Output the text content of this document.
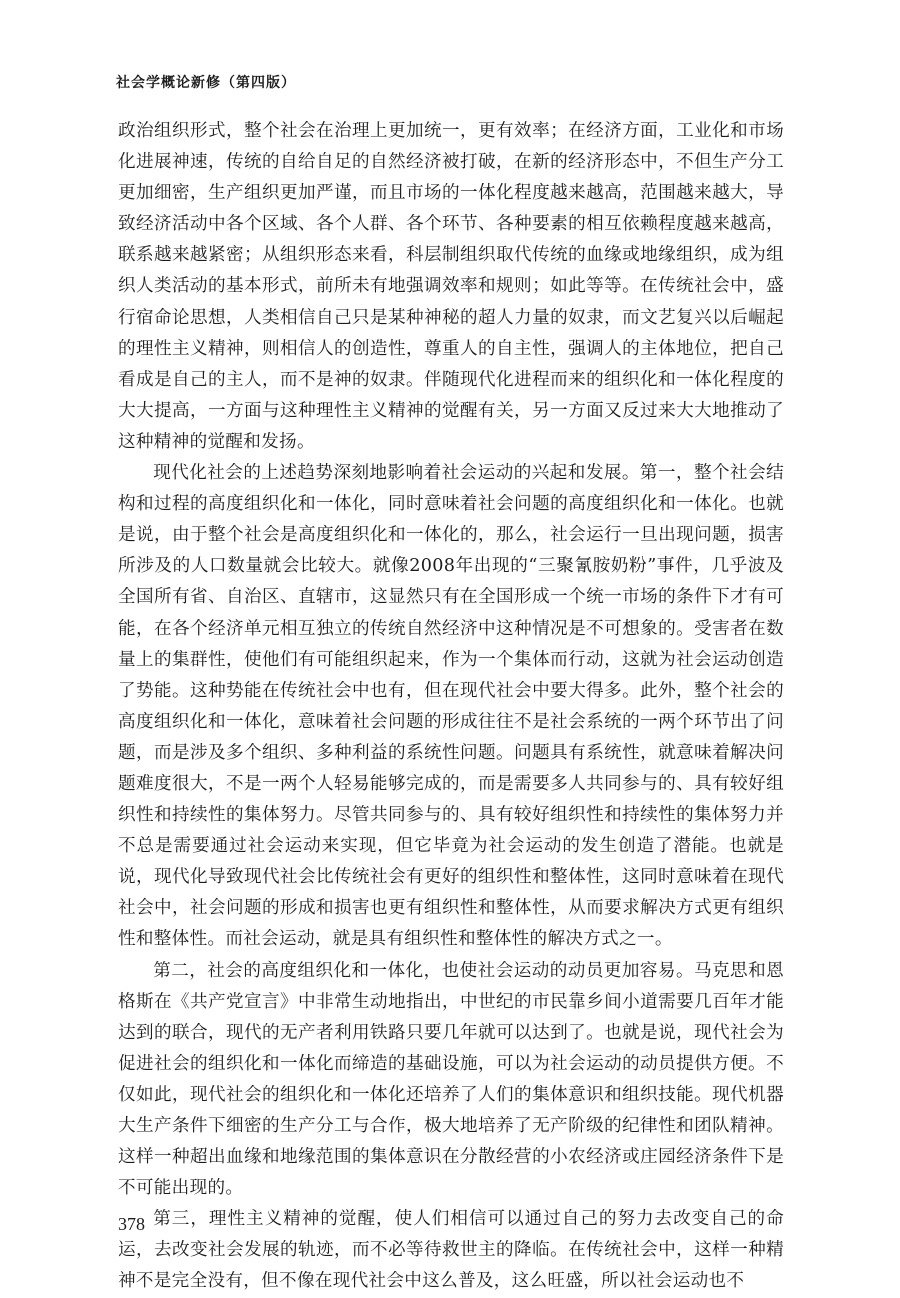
社会学概论新修（第四版）

政治组织形式，整个社会在治理上更加统一，更有效率；在经济方面，工业化和市场化进展神速，传统的自给自足的自然经济被打破，在新的经济形态中，不但生产分工更加细密，生产组织更加严谨，而且市场的一体化程度越来越高，范围越来越大，导致经济活动中各个区域、各个人群、各个环节、各种要素的相互依赖程度越来越高，联系越来越紧密；从组织形态来看，科层制组织取代传统的血缘或地缘组织，成为组织人类活动的基本形式，前所未有地强调效率和规则；如此等等。在传统社会中，盛行宿命论思想，人类相信自己只是某种神秘的超人力量的奴隶，而文艺复兴以后崛起的理性主义精神，则相信人的创造性，尊重人的自主性，强调人的主体地位，把自己看成是自己的主人，而不是神的奴隶。伴随现代化进程而来的组织化和一体化程度的大大提高，一方面与这种理性主义精神的觉醒有关，另一方面又反过来大大地推动了这种精神的觉醒和发扬。

现代化社会的上述趋势深刻地影响着社会运动的兴起和发展。第一，整个社会结构和过程的高度组织化和一体化，同时意味着社会问题的高度组织化和一体化。也就是说，由于整个社会是高度组织化和一体化的，那么，社会运行一旦出现问题，损害所涉及的人口数量就会比较大。就像2008年出现的“三聚氰胺奶粉”事件，几乎波及全国所有省、自治区、直辖市，这显然只有在全国形成一个统一市场的条件下才有可能，在各个经济单元相互独立的传统自然经济中这种情况是不可想象的。受害者在数量上的集群性，使他们有可能组织起来，作为一个集体而行动，这就为社会运动创造了势能。这种势能在传统社会中也有，但在现代社会中要大得多。此外，整个社会的高度组织化和一体化，意味着社会问题的形成往往不是社会系统的一两个环节出了问题，而是涉及多个组织、多种利益的系统性问题。问题具有系统性，就意味着解决问题难度很大，不是一两个人轻易能够完成的，而是需要多人共同参与的、具有较好组织性和持续性的集体努力。尽管共同参与的、具有较好组织性和持续性的集体努力并不总是需要通过社会运动来实现，但它毕竟为社会运动的发生创造了潜能。也就是说，现代化导致现代社会比传统社会有更好的组织性和整体性，这同时意味着在现代社会中，社会问题的形成和损害也更有组织性和整体性，从而要求解决方式更有组织性和整体性。而社会运动，就是具有组织性和整体性的解决方式之一。

第二，社会的高度组织化和一体化，也使社会运动的动员更加容易。马克思和恩格斯在《共产党宣言》中非常生动地指出，中世纪的市民靠乡间小道需要几百年才能达到的联合，现代的无产者利用铁路只要几年就可以达到了。也就是说，现代社会为促进社会的组织化和一体化而缔造的基础设施，可以为社会运动的动员提供方便。不仅如此，现代社会的组织化和一体化还培养了人们的集体意识和组织技能。现代机器大生产条件下细密的生产分工与合作，极大地培养了无产阶级的纪律性和团队精神。这样一种超出血缘和地缘范围的集体意识在分散经营的小农经济或庄园经济条件下是不可能出现的。

第三，理性主义精神的觉醒，使人们相信可以通过自己的努力去改变自己的命运，去改变社会发展的轨迹，而不必等待救世主的降临。在传统社会中，这样一种精神不是完全没有，但不像在现代社会中这么普及，这么旺盛，所以社会运动也不

378
